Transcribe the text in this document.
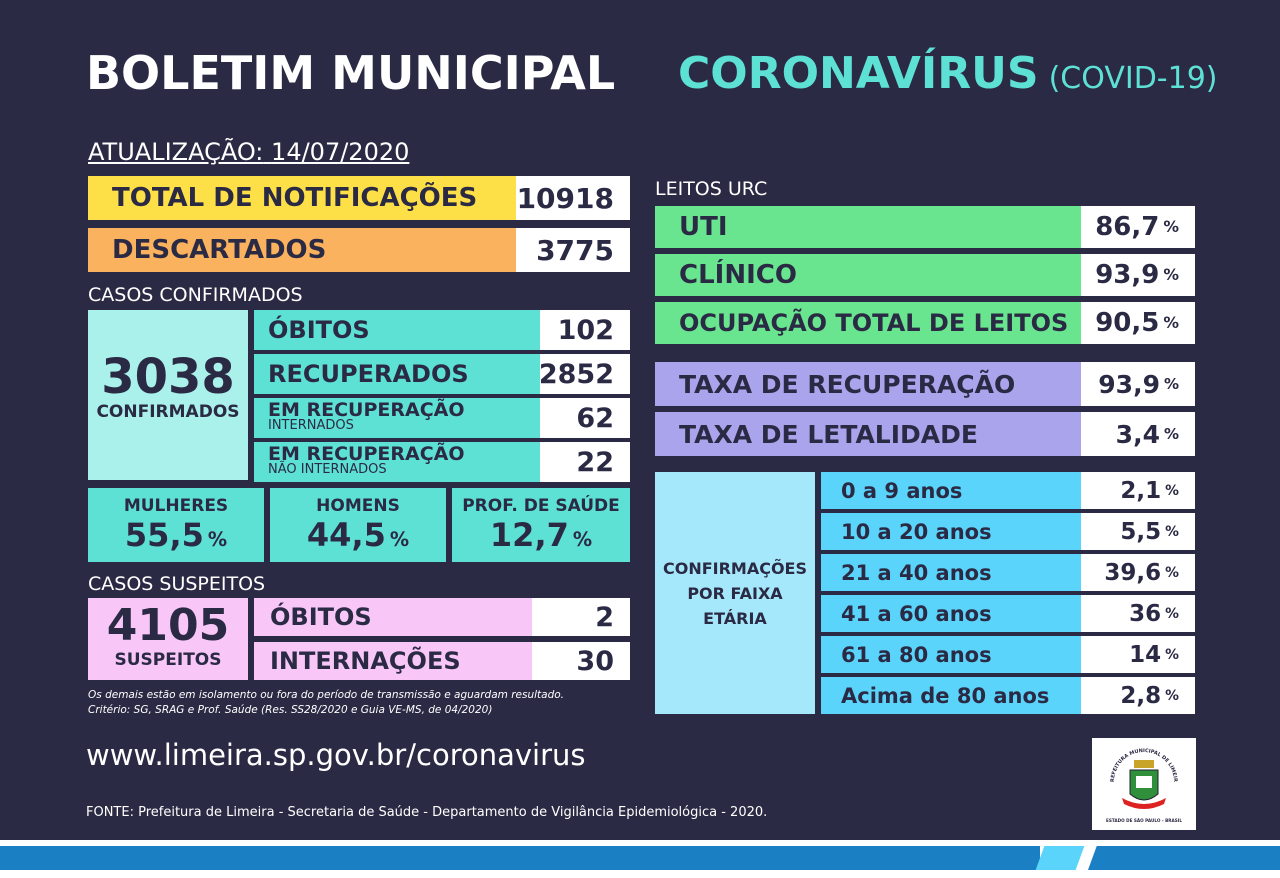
BOLETIM MUNICIPAL CORONAVÍRUS (COVID-19)
ATUALIZAÇÃO: 14/07/2020
TOTAL DE NOTIFICAÇÕES	10918
DESCARTADOS	3775
CASOS CONFIRMADOS
3038
CONFIRMADOS
ÓBITOS	102
RECUPERADOS	2852
EM RECUPERAÇÃO
INTERNADOS	62
EM RECUPERAÇÃO
NÃO INTERNADOS	22
MULHERES
55,5 %
HOMENS
44,5 %
PROF. DE SAÚDE
12,7 %
CASOS SUSPEITOS
4105
SUSPEITOS
ÓBITOS	2
INTERNAÇÕES	30
Os demais estão em isolamento ou fora do período de transmissão e aguardam resultado.
Critério: SG, SRAG e Prof. Saúde (Res. SS28/2020 e Guia VE-MS, de 04/2020)
LEITOS URC
UTI	86,7 %
CLÍNICO	93,9 %
OCUPAÇÃO TOTAL DE LEITOS	90,5 %
TAXA DE RECUPERAÇÃO	93,9 %
TAXA DE LETALIDADE	3,4 %
CONFIRMAÇÕES
POR FAIXA
ETÁRIA
0 a 9 anos	2,1 %
10 a 20 anos	5,5 %
21 a 40 anos	39,6 %
41 a 60 anos	36 %
61 a 80 anos	14 %
Acima de 80 anos	2,8 %
www.limeira.sp.gov.br/coronavirus
FONTE: Prefeitura de Limeira - Secretaria de Saúde - Departamento de Vigilância Epidemiológica - 2020.
REFEITURA MUNICIPAL DE LIMEIR
ESTADO DE SÃO PAULO - BRASIL
